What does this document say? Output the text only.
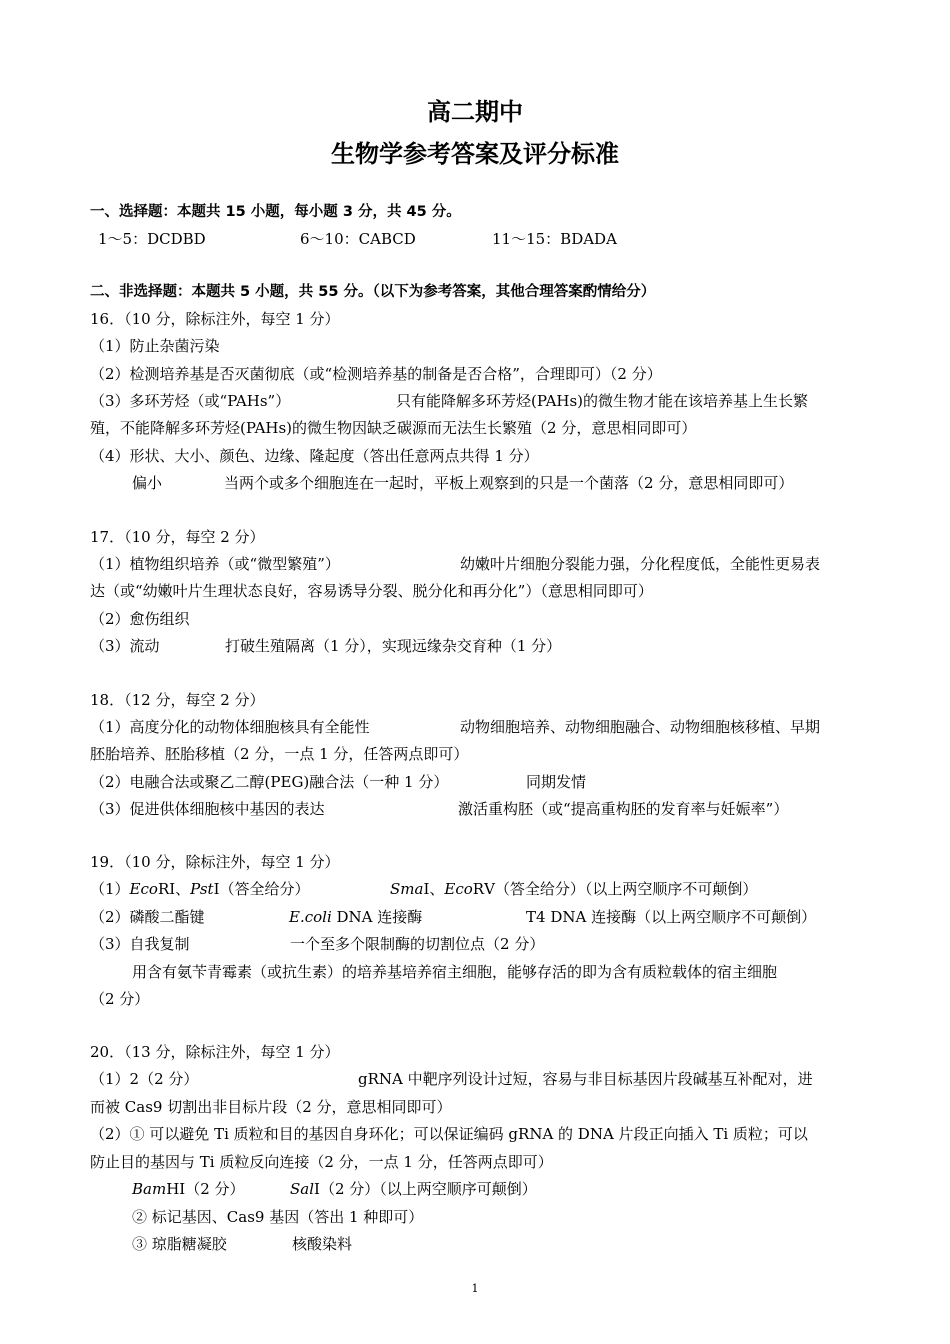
高二期中
生物学参考答案及评分标准
一、选择题：本题共 15 小题，每小题 3 分，共 45 分。
1～5：DCDBD	6～10：CABCD	11～15：BDADA
二、非选择题：本题共 5 小题，共 55 分。（以下为参考答案，其他合理答案酌情给分）
16．（10 分，除标注外，每空 1 分）
（1）防止杂菌污染
（2）检测培养基是否灭菌彻底（或“检测培养基的制备是否合格”，合理即可）（2 分）
（3）多环芳烃（或“PAHs”）	只有能降解多环芳烃(PAHs)的微生物才能在该培养基上生长繁
殖，不能降解多环芳烃(PAHs)的微生物因缺乏碳源而无法生长繁殖（2 分，意思相同即可）
（4）形状、大小、颜色、边缘、隆起度（答出任意两点共得 1 分）
偏小	当两个或多个细胞连在一起时，平板上观察到的只是一个菌落（2 分，意思相同即可）
17．（10 分，每空 2 分）
（1）植物组织培养（或“微型繁殖”）	幼嫩叶片细胞分裂能力强，分化程度低，全能性更易表
达（或“幼嫩叶片生理状态良好，容易诱导分裂、脱分化和再分化”）（意思相同即可）
（2）愈伤组织
（3）流动	打破生殖隔离（1 分），实现远缘杂交育种（1 分）
18．（12 分，每空 2 分）
（1）高度分化的动物体细胞核具有全能性	动物细胞培养、动物细胞融合、动物细胞核移植、早期
胚胎培养、胚胎移植（2 分，一点 1 分，任答两点即可）
（2）电融合法或聚乙二醇(PEG)融合法（一种 1 分）	同期发情
（3）促进供体细胞核中基因的表达	激活重构胚（或“提高重构胚的发育率与妊娠率”）
19．（10 分，除标注外，每空 1 分）
（1）EcoRⅠ、PstⅠ（答全给分）	SmaⅠ、EcoRⅤ（答全给分）（以上两空顺序不可颠倒）
（2）磷酸二酯键	E.coli DNA 连接酶	T4 DNA 连接酶（以上两空顺序不可颠倒）
（3）自我复制	一个至多个限制酶的切割位点（2 分）
用含有氨苄青霉素（或抗生素）的培养基培养宿主细胞，能够存活的即为含有质粒载体的宿主细胞
（2 分）
20．（13 分，除标注外，每空 1 分）
（1）2（2 分）	gRNA 中靶序列设计过短，容易与非目标基因片段碱基互补配对，进
而被 Cas9 切割出非目标片段（2 分，意思相同即可）
（2）① 可以避免 Ti 质粒和目的基因自身环化；可以保证编码 gRNA 的 DNA 片段正向插入 Ti 质粒；可以
防止目的基因与 Ti 质粒反向连接（2 分，一点 1 分，任答两点即可）
BamHⅠ（2 分）	SalⅠ（2 分）（以上两空顺序可颠倒）
② 标记基因、Cas9 基因（答出 1 种即可）
③ 琼脂糖凝胶	核酸染料
1
